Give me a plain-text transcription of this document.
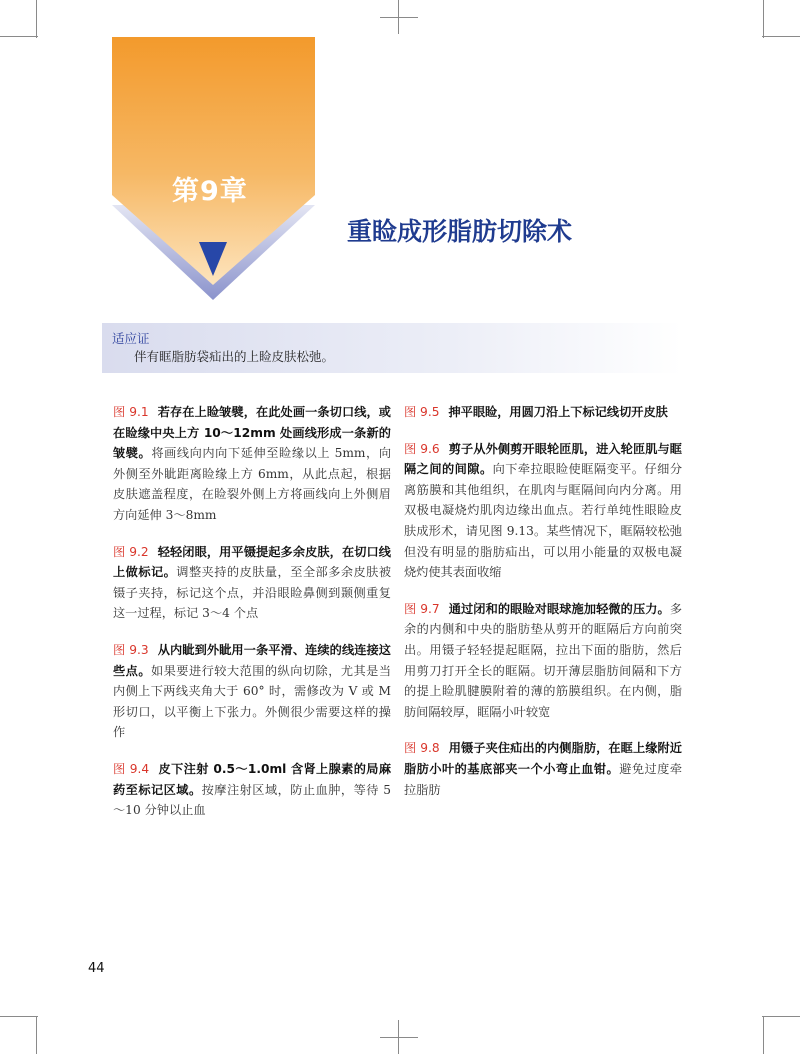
第9章
重睑成形脂肪切除术
适应证
伴有眶脂肪袋疝出的上睑皮肤松弛。

图 9.1 若存在上睑皱襞，在此处画一条切口线，或在睑缘中央上方 10～12mm 处画线形成一条新的皱襞。将画线向内向下延伸至睑缘以上 5mm，向外侧至外眦距离睑缘上方 6mm，从此点起，根据皮肤遮盖程度，在睑裂外侧上方将画线向上外侧眉方向延伸 3～8mm

图 9.2 轻轻闭眼，用平镊提起多余皮肤，在切口线上做标记。调整夹持的皮肤量，至全部多余皮肤被镊子夹持，标记这个点，并沿眼睑鼻侧到颞侧重复这一过程，标记 3～4 个点

图 9.3 从内眦到外眦用一条平滑、连续的线连接这些点。如果要进行较大范围的纵向切除，尤其是当内侧上下两线夹角大于 60° 时，需修改为 V 或 M 形切口，以平衡上下张力。外侧很少需要这样的操作

图 9.4 皮下注射 0.5～1.0ml 含肾上腺素的局麻药至标记区域。按摩注射区域，防止血肿，等待 5～10 分钟以止血

图 9.5 抻平眼睑，用圆刀沿上下标记线切开皮肤

图 9.6 剪子从外侧剪开眼轮匝肌，进入轮匝肌与眶隔之间的间隙。向下牵拉眼睑使眶隔变平。仔细分离筋膜和其他组织，在肌肉与眶隔间向内分离。用双极电凝烧灼肌肉边缘出血点。若行单纯性眼睑皮肤成形术，请见图 9.13。某些情况下，眶隔较松弛但没有明显的脂肪疝出，可以用小能量的双极电凝烧灼使其表面收缩

图 9.7 通过闭和的眼睑对眼球施加轻微的压力。多余的内侧和中央的脂肪垫从剪开的眶隔后方向前突出。用镊子轻轻提起眶隔，拉出下面的脂肪，然后用剪刀打开全长的眶隔。切开薄层脂肪间隔和下方的提上睑肌腱膜附着的薄的筋膜组织。在内侧，脂肪间隔较厚，眶隔小叶较宽

图 9.8 用镊子夹住疝出的内侧脂肪，在眶上缘附近脂肪小叶的基底部夹一个小弯止血钳。避免过度牵拉脂肪

44
